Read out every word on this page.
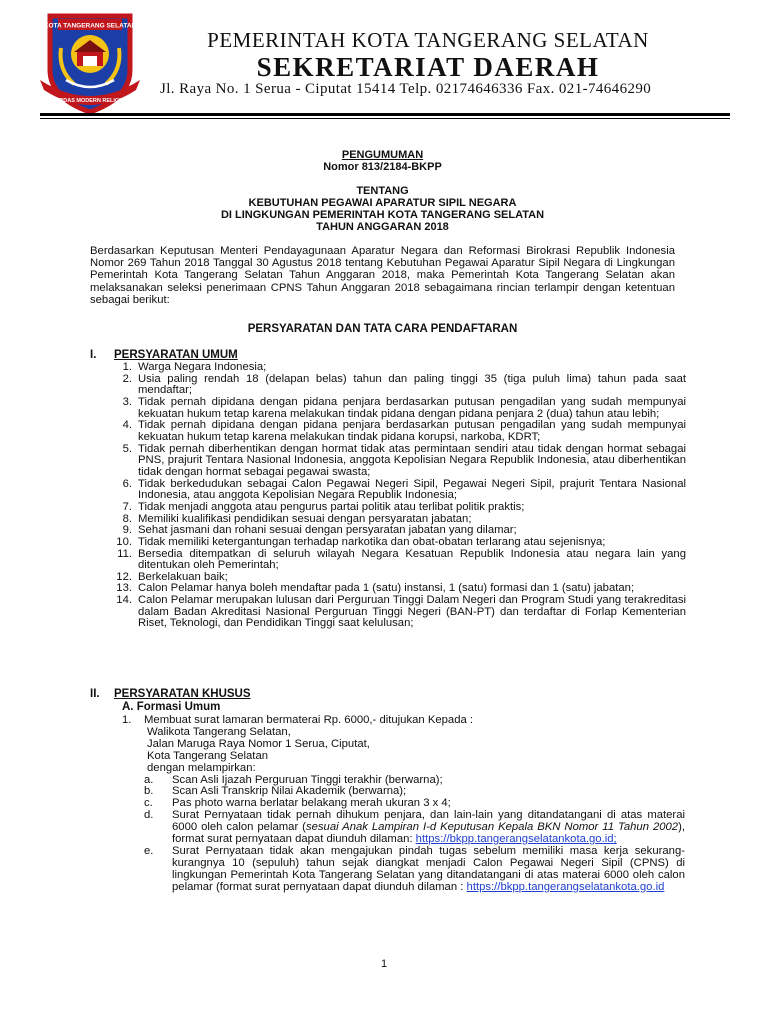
KOTA TANGERANG SELATAN
CERDAS MODERN RELIGIUS
PEMERINTAH KOTA TANGERANG SELATAN
SEKRETARIAT DAERAH
Jl. Raya No. 1 Serua - Ciputat 15414 Telp. 02174646336 Fax. 021-74646290
PENGUMUMAN
Nomor 813/2184-BKPP
TENTANG
KEBUTUHAN PEGAWAI APARATUR SIPIL NEGARA
DI LINGKUNGAN PEMERINTAH KOTA TANGERANG SELATAN
TAHUN ANGGARAN 2018
Berdasarkan Keputusan Menteri Pendayagunaan Aparatur Negara dan Reformasi Birokrasi Republik Indonesia Nomor 269 Tahun 2018 Tanggal 30 Agustus 2018 tentang Kebutuhan Pegawai Aparatur Sipil Negara di Lingkungan Pemerintah Kota Tangerang Selatan Tahun Anggaran 2018, maka Pemerintah Kota Tangerang Selatan akan melaksanakan seleksi penerimaan CPNS Tahun Anggaran 2018 sebagaimana rincian terlampir dengan ketentuan sebagai berikut:
PERSYARATAN DAN TATA CARA PENDAFTARAN
I. PERSYARATAN UMUM
1. Warga Negara Indonesia;
2. Usia paling rendah 18 (delapan belas) tahun dan paling tinggi 35 (tiga puluh lima) tahun pada saat mendaftar;
3. Tidak pernah dipidana dengan pidana penjara berdasarkan putusan pengadilan yang sudah mempunyai kekuatan hukum tetap karena melakukan tindak pidana dengan pidana penjara 2 (dua) tahun atau lebih;
4. Tidak pernah dipidana dengan pidana penjara berdasarkan putusan pengadilan yang sudah mempunyai kekuatan hukum tetap karena melakukan tindak pidana korupsi, narkoba, KDRT;
5. Tidak pernah diberhentikan dengan hormat tidak atas permintaan sendiri atau tidak dengan hormat sebagai PNS, prajurit Tentara Nasional Indonesia, anggota Kepolisian Negara Republik Indonesia, atau diberhentikan tidak dengan hormat sebagai pegawai swasta;
6. Tidak berkedudukan sebagai Calon Pegawai Negeri Sipil, Pegawai Negeri Sipil, prajurit Tentara Nasional Indonesia, atau anggota Kepolisian Negara Republik Indonesia;
7. Tidak menjadi anggota atau pengurus partai politik atau terlibat politik praktis;
8. Memiliki kualifikasi pendidikan sesuai dengan persyaratan jabatan;
9. Sehat jasmani dan rohani sesuai dengan persyaratan jabatan yang dilamar;
10. Tidak memiliki ketergantungan terhadap narkotika dan obat-obatan terlarang atau sejenisnya;
11. Bersedia ditempatkan di seluruh wilayah Negara Kesatuan Republik Indonesia atau negara lain yang ditentukan oleh Pemerintah;
12. Berkelakuan baik;
13. Calon Pelamar hanya boleh mendaftar pada 1 (satu) instansi, 1 (satu) formasi dan 1 (satu) jabatan;
14. Calon Pelamar merupakan lulusan dari Perguruan Tinggi Dalam Negeri dan Program Studi yang terakreditasi dalam Badan Akreditasi Nasional Perguruan Tinggi Negeri (BAN-PT) dan terdaftar di Forlap Kementerian Riset, Teknologi, dan Pendidikan Tinggi saat kelulusan;
II. PERSYARATAN KHUSUS
A. Formasi Umum
1. Membuat surat lamaran bermaterai Rp. 6000,- ditujukan Kepada :
Walikota Tangerang Selatan,
Jalan Maruga Raya Nomor 1 Serua, Ciputat,
Kota Tangerang Selatan
dengan melampirkan:
a. Scan Asli Ijazah Perguruan Tinggi terakhir (berwarna);
b. Scan Asli Transkrip Nilai Akademik (berwarna);
c. Pas photo warna berlatar belakang merah ukuran 3 x 4;
d. Surat Pernyataan tidak pernah dihukum penjara, dan lain-lain yang ditandatangani di atas materai 6000 oleh calon pelamar (sesuai Anak Lampiran I-d Keputusan Kepala BKN Nomor 11 Tahun 2002), format surat pernyataan dapat diunduh dilaman: https://bkpp.tangerangselatankota.go.id;
e. Surat Pernyataan tidak akan mengajukan pindah tugas sebelum memiliki masa kerja sekurang-kurangnya 10 (sepuluh) tahun sejak diangkat menjadi Calon Pegawai Negeri Sipil (CPNS) di lingkungan Pemerintah Kota Tangerang Selatan yang ditandatangani di atas materai 6000 oleh calon pelamar (format surat pernyataan dapat diunduh dilaman : https://bkpp.tangerangselatankota.go.id
1
